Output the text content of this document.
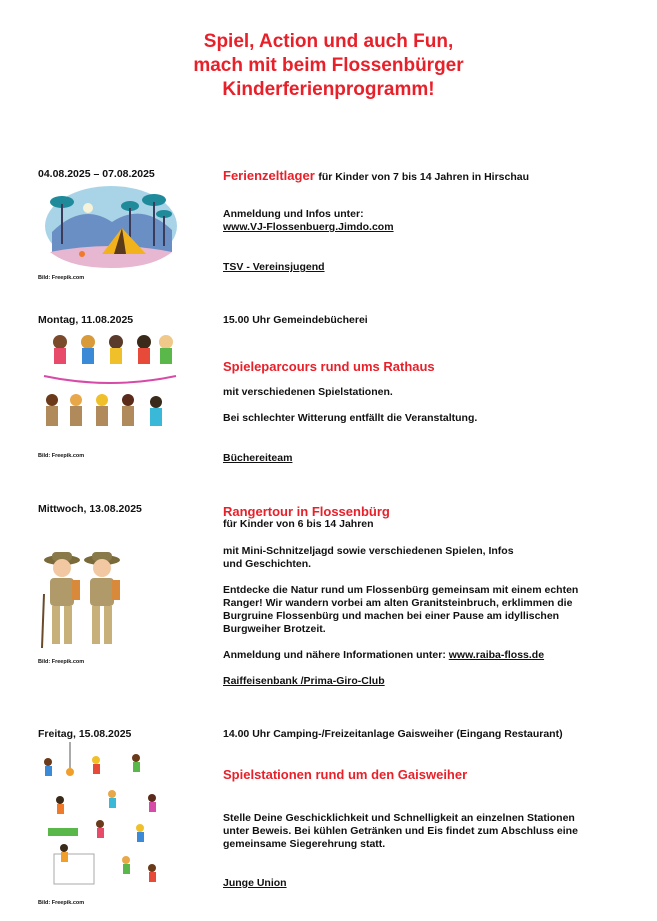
Spiel, Action und auch Fun,
mach mit beim Flossenbürger
Kinderferienprogramm!
04.08.2025 – 07.08.2025
Bild: Freepik.com
Ferienzeltlager für Kinder von 7 bis 14 Jahren in Hirschau
Anmeldung und Infos unter:
www.VJ-Flossenbuerg.Jimdo.com
TSV - Vereinsjugend
Montag, 11.08.2025
Bild: Freepik.com
15.00 Uhr Gemeindebücherei
Spieleparcours rund ums Rathaus
mit verschiedenen Spielstationen.
Bei schlechter Witterung entfällt die Veranstaltung.
Büchereiteam
Mittwoch, 13.08.2025
Bild: Freepik.com
Rangertour in Flossenbürg
für Kinder von 6 bis 14 Jahren
mit Mini-Schnitzeljagd sowie verschiedenen Spielen, Infos
und Geschichten.
Entdecke die Natur rund um Flossenbürg gemeinsam mit einem echten
Ranger! Wir wandern vorbei am alten Granitsteinbruch, erklimmen die
Burgruine Flossenbürg und machen bei einer Pause am idyllischen
Burgweiher Brotzeit.
Anmeldung und nähere Informationen unter: www.raiba-floss.de
Raiffeisenbank /Prima-Giro-Club
Freitag, 15.08.2025
Bild: Freepik.com
14.00 Uhr Camping-/Freizeitanlage Gaisweiher (Eingang Restaurant)
Spielstationen rund um den Gaisweiher
Stelle Deine Geschicklichkeit und Schnelligkeit an einzelnen Stationen
unter Beweis. Bei kühlen Getränken und Eis findet zum Abschluss eine
gemeinsame Siegerehrung statt.
Junge Union
